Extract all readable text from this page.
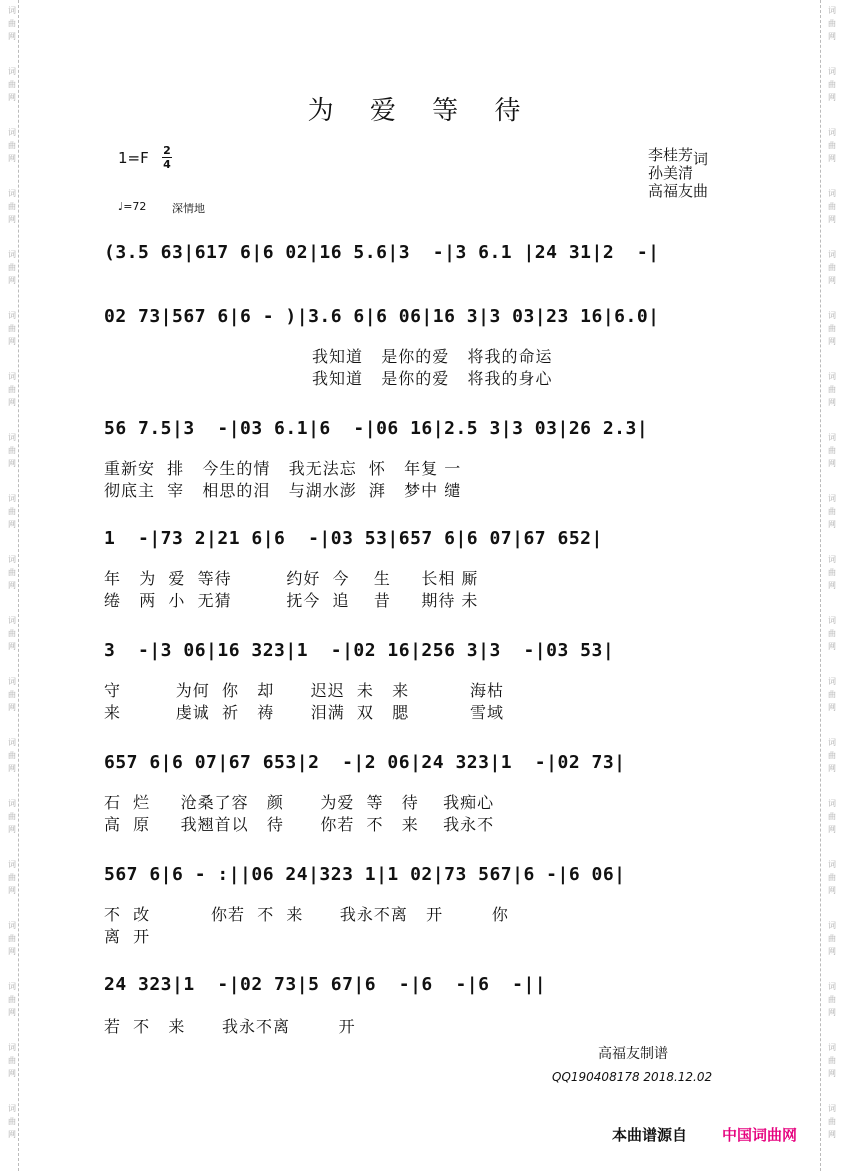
词
曲
网
词
曲
网
词
曲
网
词
曲
网
词
曲
网
词
曲
网
词
曲
网
词
曲
网
词
曲
网
词
曲
网
词
曲
网
词
曲
网
词
曲
网
词
曲
网
词
曲
网
词
曲
网
词
曲
网
词
曲
网
词
曲
网
词
曲
网
词
曲
网
词
曲
网
词
曲
网
词
曲
网
词
曲
网
词
曲
网
词
曲
网
词
曲
网
词
曲
网
词
曲
网
词
曲
网
词
曲
网
词
曲
网
词
曲
网
词
曲
网
词
曲
网
词
曲
网
词
曲
网
为 爱 等 待
1=F 2
4
♩=72 深情地
李桂芳词
孙美清
高福友曲
(3.5 63|617 6|6 02|16 5.6|3  -|3 6.1 |24 31|2  -|
02 73|567 6|6 - )|3.6 6|6 06|16 3|3 03|23 16|6.0|
我知道   是你的爱   将我的命运
我知道   是你的爱   将我的身心
56 7.5|3  -|03 6.1|6  -|06 16|2.5 3|3 03|26 2.3|
重新安  排   今生的情   我无法忘  怀   年复 一
彻底主  宰   相思的泪   与湖水澎  湃   梦中 缱
1  -|73 2|21 6|6  -|03 53|657 6|6 07|67 652|
年   为  爱  等待         约好  今    生     长相 厮
绻   两  小  无猜         抚今  追    昔     期待 未
3  -|3 06|16 323|1  -|02 16|256 3|3  -|03 53|
守         为何  你   却      迟迟  未   来          海枯
来         虔诚  祈   祷      泪满  双   腮          雪域
657 6|6 07|67 653|2  -|2 06|24 323|1  -|02 73|
石  烂     沧桑了容   颜      为爱  等   待    我痴心
高  原     我翘首以   待      你若  不   来    我永不
567 6|6 - :||06 24|323 1|1 02|73 567|6 -|6 06|
不  改          你若  不  来      我永不离   开        你
离  开
24 323|1  -|02 73|5 67|6  -|6  -|6  -||
若  不   来      我永不离        开
高福友制谱
QQ190408178 2018.12.02
本曲谱源自 中国词曲网
